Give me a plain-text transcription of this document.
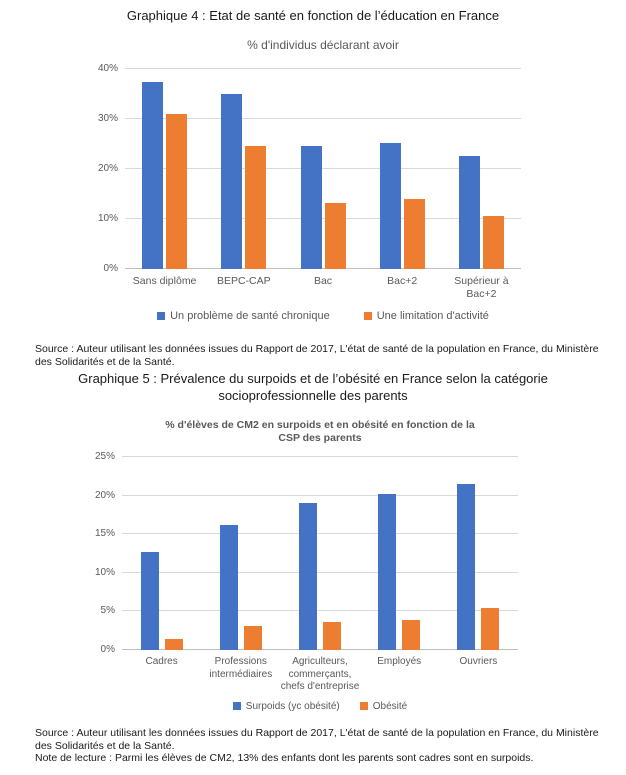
Graphique 4 : Etat de santé en fonction de l’éducation en France
% d'individus déclarant avoir
0%
10%
20%
30%
40%
Sans diplôme	BEPC-CAP	Bac	Bac+2	Supérieur à Bac+2
Un problème de santé chronique	Une limitation d'activité
Source : Auteur utilisant les données issues du Rapport de 2017, L'état de santé de la population en France, du Ministère des Solidarités et de la Santé.
Graphique 5 : Prévalence du surpoids et de l’obésité en France selon la catégorie socioprofessionnelle des parents
% d'élèves de CM2 en surpoids et en obésité en fonction de la CSP des parents
0%
5%
10%
15%
20%
25%
Cadres	Professions intermédiaires
Agriculteurs, commerçants, chefs d'entreprise
Employés	Ouvriers
Surpoids (yc obésité)	Obésité
Source : Auteur utilisant les données issues du Rapport de 2017, L'état de santé de la population en France, du Ministère des Solidarités et de la Santé.
Note de lecture : Parmi les élèves de CM2, 13% des enfants dont les parents sont cadres sont en surpoids.
